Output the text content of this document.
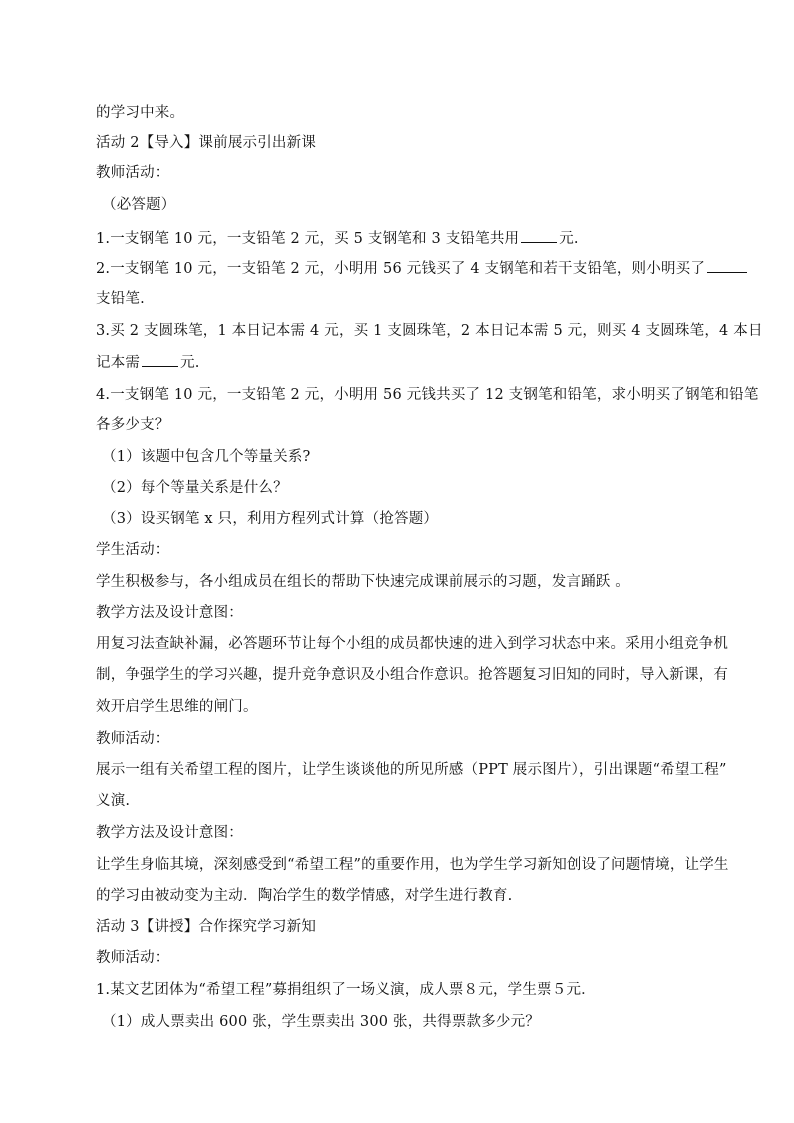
的学习中来。
活动 2【导入】课前展示引出新课
教师活动：
（必答题）
1.一支钢笔 10 元，一支铅笔 2 元，买 5 支钢笔和 3 支铅笔共用	元.
2.一支钢笔 10 元，一支铅笔 2 元，小明用 56 元钱买了 4 支钢笔和若干支铅笔，则小明买了
支铅笔.
3.买 2 支圆珠笔，1 本日记本需 4 元，买 1 支圆珠笔，2 本日记本需 5 元，则买 4 支圆珠笔，4 本日
记本需	元.
4.一支钢笔 10 元，一支铅笔 2 元，小明用 56 元钱共买了 12 支钢笔和铅笔，求小明买了钢笔和铅笔
各多少支？
（1）该题中包含几个等量关系?
（2）每个等量关系是什么？
（3）设买钢笔 x 只，利用方程列式计算（抢答题）
学生活动：
学生积极参与，各小组成员在组长的帮助下快速完成课前展示的习题，发言踊跃 。
教学方法及设计意图：
用复习法查缺补漏，必答题环节让每个小组的成员都快速的进入到学习状态中来。采用小组竞争机
制，争强学生的学习兴趣，提升竞争意识及小组合作意识。抢答题复习旧知的同时，导入新课，有
效开启学生思维的闸门。
教师活动：
展示一组有关希望工程的图片，让学生谈谈他的所见所感（PPT 展示图片），引出课题“希望工程”
义演.
教学方法及设计意图：
让学生身临其境，深刻感受到“希望工程”的重要作用，也为学生学习新知创设了问题情境，让学生
的学习由被动变为主动．陶冶学生的数学情感，对学生进行教育.
活动 3【讲授】合作探究学习新知
教师活动：
1.某文艺团体为“希望工程”募捐组织了一场义演，成人票８元，学生票５元．
（1）成人票卖出 600 张，学生票卖出 300 张，共得票款多少元？
